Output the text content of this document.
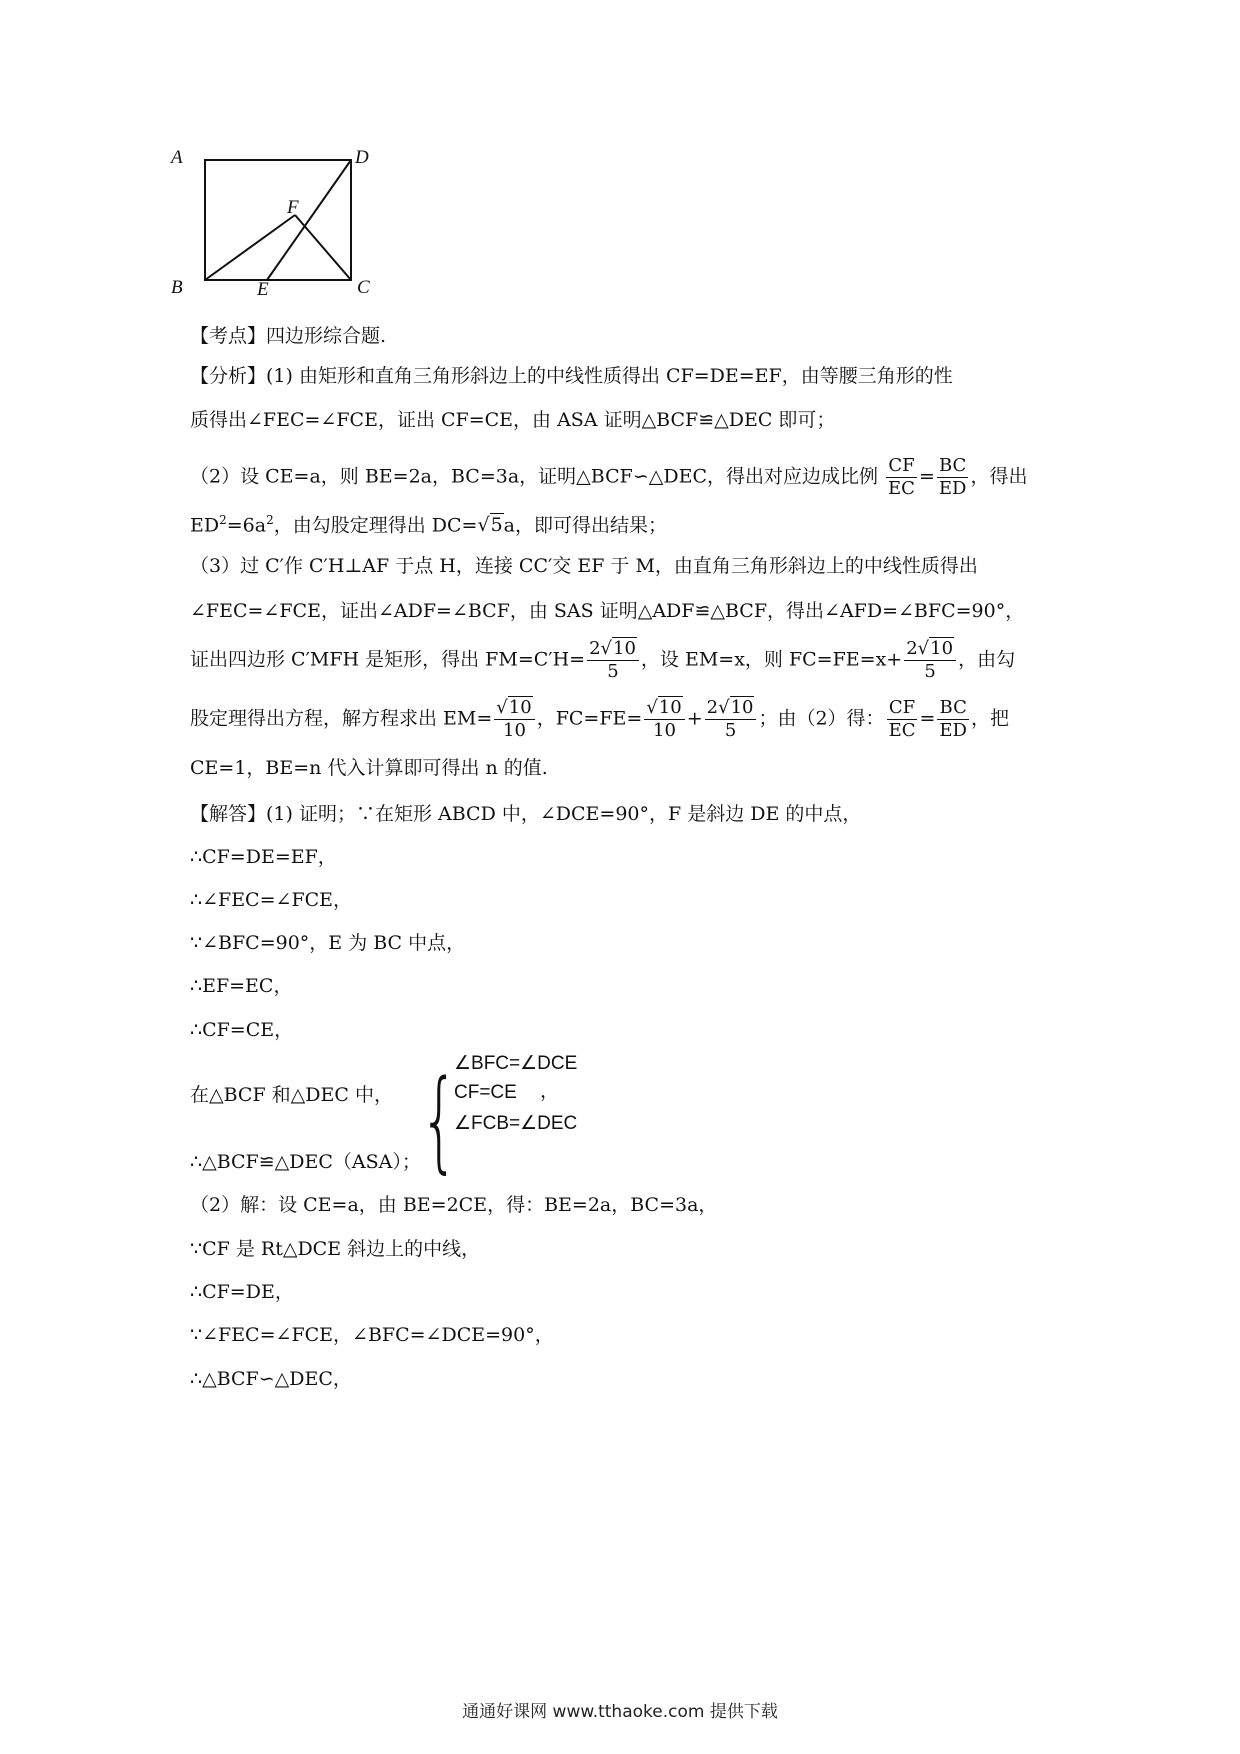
A	D
F
B	E	C
【考点】四边形综合题.
【分析】(1) 由矩形和直角三角形斜边上的中线性质得出 CF=DE=EF，由等腰三角形的性
质得出∠FEC=∠FCE，证出 CF=CE，由 ASA 证明△BCF≌△DEC 即可；
（2）设 CE=a，则 BE=2a，BC=3a，证明△BCF∽△DEC，得出对应边成比例 $\frac{CF}{EC} = \frac{BC}{ED}$ ，得出
$ED^2=6a^2$，由勾股定理得出 DC=√5a，即可得出结果；
（3）过 C′作 C′H⊥AF 于点 H，连接 CC′交 EF 于 M，由直角三角形斜边上的中线性质得出
∠FEC=∠FCE，证出∠ADF=∠BCF，由 SAS 证明△ADF≌△BCF，得出∠AFD=∠BFC=90°，
证出四边形 C′MFH 是矩形，得出 $FM=C'H= \frac{2√10}{5}$ ，设 EM=x，则 $FC=FE=x+ \frac{2√10}{5}$ ，由勾
股定理得出方程，解方程求出 $EM= \frac{√10}{10}$ ，$FC=FE= \frac{√10}{10} + \frac{2√10}{5}$ ；由（2）得： $\frac{CF}{EC} = \frac{BC}{ED}$ ，把
CE=1，BE=n 代入计算即可得出 n 的值.
【解答】(1) 证明；∵在矩形 ABCD 中，∠DCE=90°，F 是斜边 DE 的中点，
∴CF=DE=EF，
∴∠FEC=∠FCE，
∵∠BFC=90°，E 为 BC 中点，
∴EF=EC，
∴CF=CE，
在△BCF 和△DEC 中， {
∠BFC=∠DCE
CF=CE
∠FCB=∠DEC
，
∴△BCF≌△DEC（ASA）；
（2）解：设 CE=a，由 BE=2CE，得：BE=2a，BC=3a，
∵CF 是 Rt△DCE 斜边上的中线，
∴CF=DE，
∵∠FEC=∠FCE，∠BFC=∠DCE=90°，
∴△BCF∽△DEC，
通通好课网 www.tthaoke.com 提供下载
